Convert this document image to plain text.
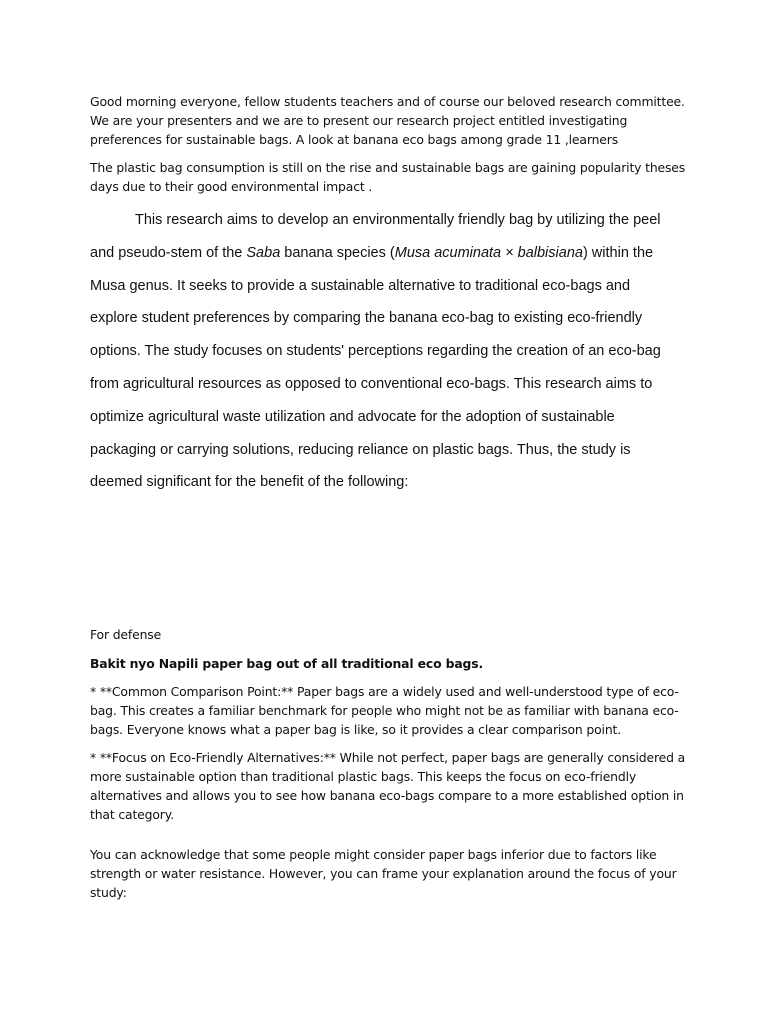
Good morning everyone, fellow students teachers and of course our beloved research committee. We are your presenters and we are to present our research project entitled investigating preferences for sustainable bags. A look at banana eco bags among grade 11 ,learners

The plastic bag consumption is still on the rise and sustainable bags are gaining popularity theses days due to their good environmental impact .

This research aims to develop an environmentally friendly bag by utilizing the peel and pseudo-stem of the Saba banana species (Musa acuminata × balbisiana) within the Musa genus. It seeks to provide a sustainable alternative to traditional eco-bags and explore student preferences by comparing the banana eco-bag to existing eco-friendly options. The study focuses on students' perceptions regarding the creation of an eco-bag from agricultural resources as opposed to conventional eco-bags. This research aims to optimize agricultural waste utilization and advocate for the adoption of sustainable packaging or carrying solutions, reducing reliance on plastic bags. Thus, the study is deemed significant for the benefit of the following:

For defense

Bakit nyo Napili paper bag out of all traditional eco bags.

* **Common Comparison Point:** Paper bags are a widely used and well-understood type of eco-bag. This creates a familiar benchmark for people who might not be as familiar with banana eco-bags. Everyone knows what a paper bag is like, so it provides a clear comparison point.

* **Focus on Eco-Friendly Alternatives:** While not perfect, paper bags are generally considered a more sustainable option than traditional plastic bags. This keeps the focus on eco-friendly alternatives and allows you to see how banana eco-bags compare to a more established option in that category.

You can acknowledge that some people might consider paper bags inferior due to factors like strength or water resistance. However, you can frame your explanation around the focus of your study:
